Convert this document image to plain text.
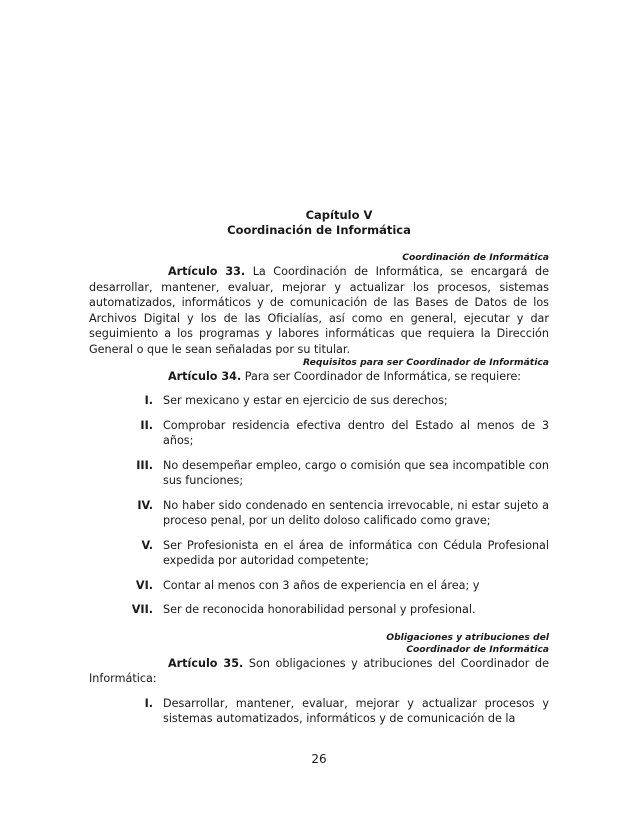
Capítulo V
Coordinación de Informática
Coordinación de Informática

Artículo 33. La Coordinación de Informática, se encargará de desarrollar, mantener, evaluar, mejorar y actualizar los procesos, sistemas automatizados, informáticos y de comunicación de las Bases de Datos de los Archivos Digital y los de las Oficialías, así como en general, ejecutar y dar seguimiento a los programas y labores informáticas que requiera la Dirección General o que le sean señaladas por su titular.

Requisitos para ser Coordinador de Informática

Artículo 34. Para ser Coordinador de Informática, se requiere:

I. Ser mexicano y estar en ejercicio de sus derechos;
II. Comprobar residencia efectiva dentro del Estado al menos de 3 años;
III. No desempeñar empleo, cargo o comisión que sea incompatible con sus funciones;
IV. No haber sido condenado en sentencia irrevocable, ni estar sujeto a proceso penal, por un delito doloso calificado como grave;
V. Ser Profesionista en el área de informática con Cédula Profesional expedida por autoridad competente;
VI. Contar al menos con 3 años de experiencia en el área; y
VII. Ser de reconocida honorabilidad personal y profesional.
Obligaciones y atribuciones del
Coordinador de Informática

Artículo 35. Son obligaciones y atribuciones del Coordinador de Informática:

I. Desarrollar, mantener, evaluar, mejorar y actualizar procesos y sistemas automatizados, informáticos y de comunicación de la
26
